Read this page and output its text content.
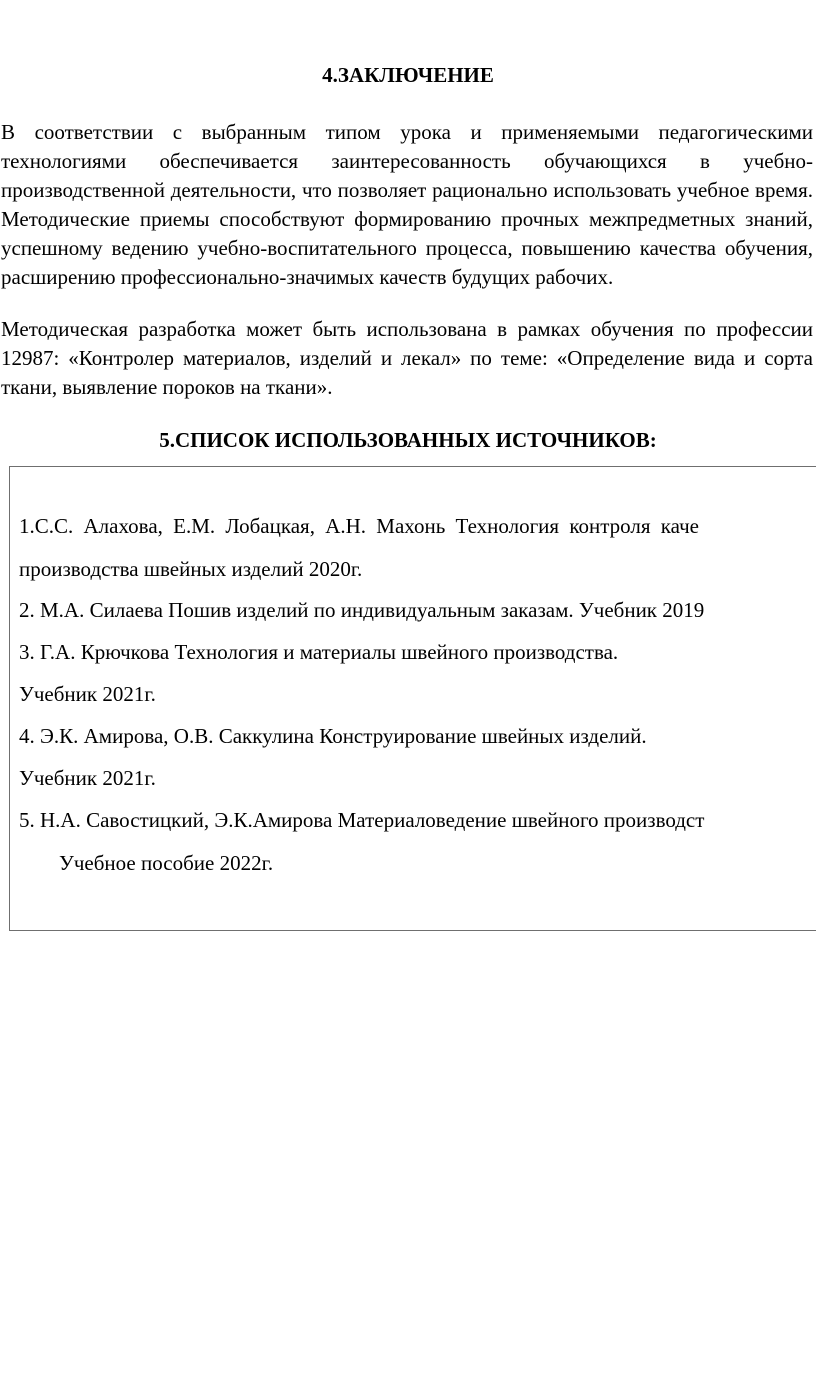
4.ЗАКЛЮЧЕНИЕ
В соответствии с выбранным типом урока и применяемыми педагогическими технологиями обеспечивается заинтересованность обучающихся в учебно-производственной деятельности, что позволяет рационально использовать учебное время. Методические приемы способствуют формированию прочных межпредметных знаний, успешному ведению учебно-воспитательного процесса, повышению качества обучения, расширению профессионально-значимых качеств будущих рабочих.
Методическая разработка может быть использована в рамках обучения по профессии 12987: «Контролер материалов, изделий и лекал» по теме: «Определение вида и сорта ткани, выявление пороков на ткани».
5.СПИСОК ИСПОЛЬЗОВАННЫХ ИСТОЧНИКОВ:
1.С.С. Алахова, Е.М. Лобацкая, А.Н. Махонь Технология контроля каче
производства швейных изделий 2020г.
2. М.А. Силаева Пошив изделий по индивидуальным заказам. Учебник 2019
3. Г.А. Крючкова Технология и материалы швейного производства.
Учебник 2021г.
4. Э.К. Амирова, О.В. Саккулина Конструирование швейных изделий.
Учебник 2021г.
5. Н.А. Савостицкий, Э.К.Амирова Материаловедение швейного производст
Учебное пособие 2022г.
